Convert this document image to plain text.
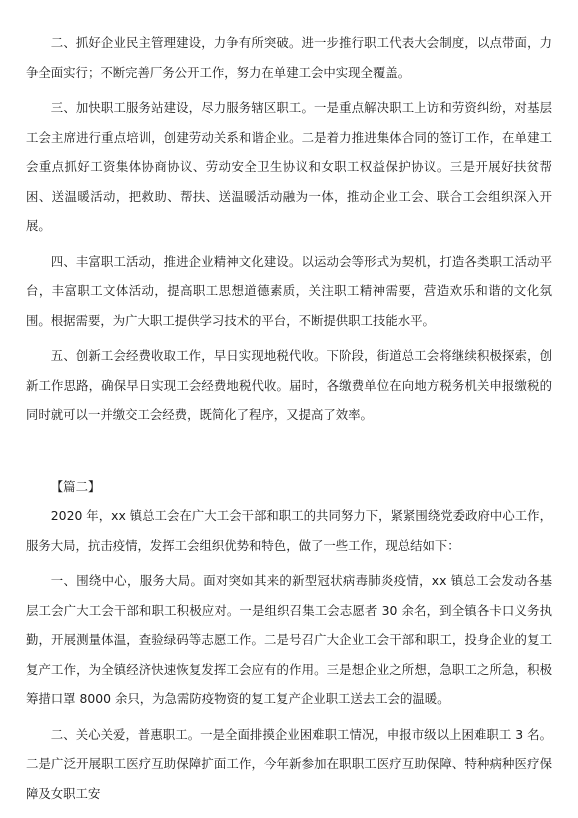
二、抓好企业民主管理建设，力争有所突破。进一步推行职工代表大会制度，以点带面，力争全面实行；不断完善厂务公开工作，努力在单建工会中实现全覆盖。

三、加快职工服务站建设，尽力服务辖区职工。一是重点解决职工上访和劳资纠纷，对基层工会主席进行重点培训，创建劳动关系和谐企业。二是着力推进集体合同的签订工作，在单建工会重点抓好工资集体协商协议、劳动安全卫生协议和女职工权益保护协议。三是开展好扶贫帮困、送温暖活动，把救助、帮扶、送温暖活动融为一体，推动企业工会、联合工会组织深入开展。

四、丰富职工活动，推进企业精神文化建设。以运动会等形式为契机，打造各类职工活动平台，丰富职工文体活动，提高职工思想道德素质，关注职工精神需要，营造欢乐和谐的文化氛围。根据需要，为广大职工提供学习技术的平台，不断提供职工技能水平。

五、创新工会经费收取工作，早日实现地税代收。下阶段，街道总工会将继续积极探索，创新工作思路，确保早日实现工会经费地税代收。届时，各缴费单位在向地方税务机关申报缴税的同时就可以一并缴交工会经费，既简化了程序，又提高了效率。

【篇二】

2020 年，xx 镇总工会在广大工会干部和职工的共同努力下，紧紧围绕党委政府中心工作，服务大局，抗击疫情，发挥工会组织优势和特色，做了一些工作，现总结如下：

一、围绕中心，服务大局。面对突如其来的新型冠状病毒肺炎疫情，xx 镇总工会发动各基层工会广大工会干部和职工积极应对。一是组织召集工会志愿者 30 余名，到全镇各卡口义务执勤，开展测量体温，查验绿码等志愿工作。二是号召广大企业工会干部和职工，投身企业的复工复产工作，为全镇经济快速恢复发挥工会应有的作用。三是想企业之所想，急职工之所急，积极筹措口罩 8000 余只，为急需防疫物资的复工复产企业职工送去工会的温暖。

二、关心关爱，普惠职工。一是全面排摸企业困难职工情况，申报市级以上困难职工 3 名。二是广泛开展职工医疗互助保障扩面工作，今年新参加在职职工医疗互助保障、特种病种医疗保障及女职工安
